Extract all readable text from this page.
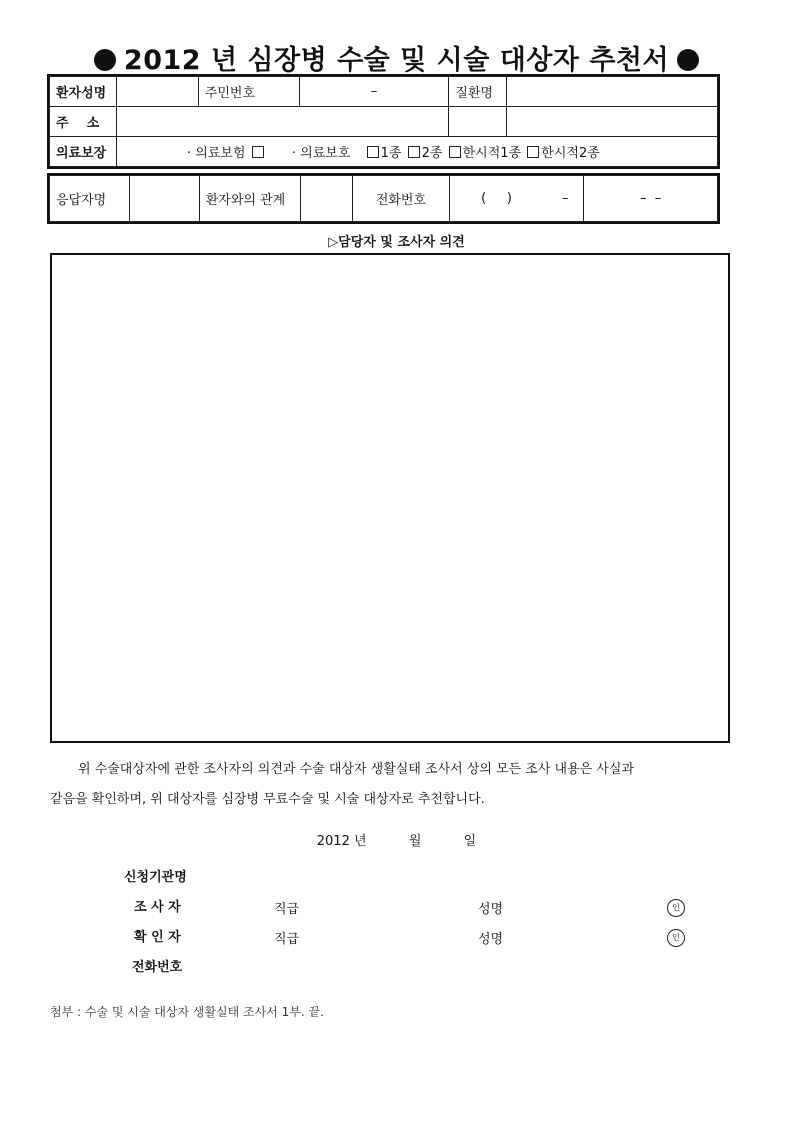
2012 년 심장병 수술 및 시술 대상자 추천서
환자성명		주민번호	–	질환명	
주    소					
의료보장	· 의료보험 · 의료보호 1종 2종 한시적1종 한시적2종				
응답자명		환자와의 관계		전화번호	(     )	–	–  –
▷담당자 및 조사자 의견
위 수술대상자에 관한 조사자의 의견과 수술 대상자 생활실태 조사서 상의 모든 조사 내용은 사실과
같음을 확인하며, 위 대상자를 심장병 무료수술 및 시술 대상자로 추천합니다.
2012 년	월	일
신청기관명
조 사 자	직급	성명	인
확 인 자	직급	성명	인
전화번호
첨부 : 수술 및 시술 대상자 생활실태 조사서 1부. 끝.
